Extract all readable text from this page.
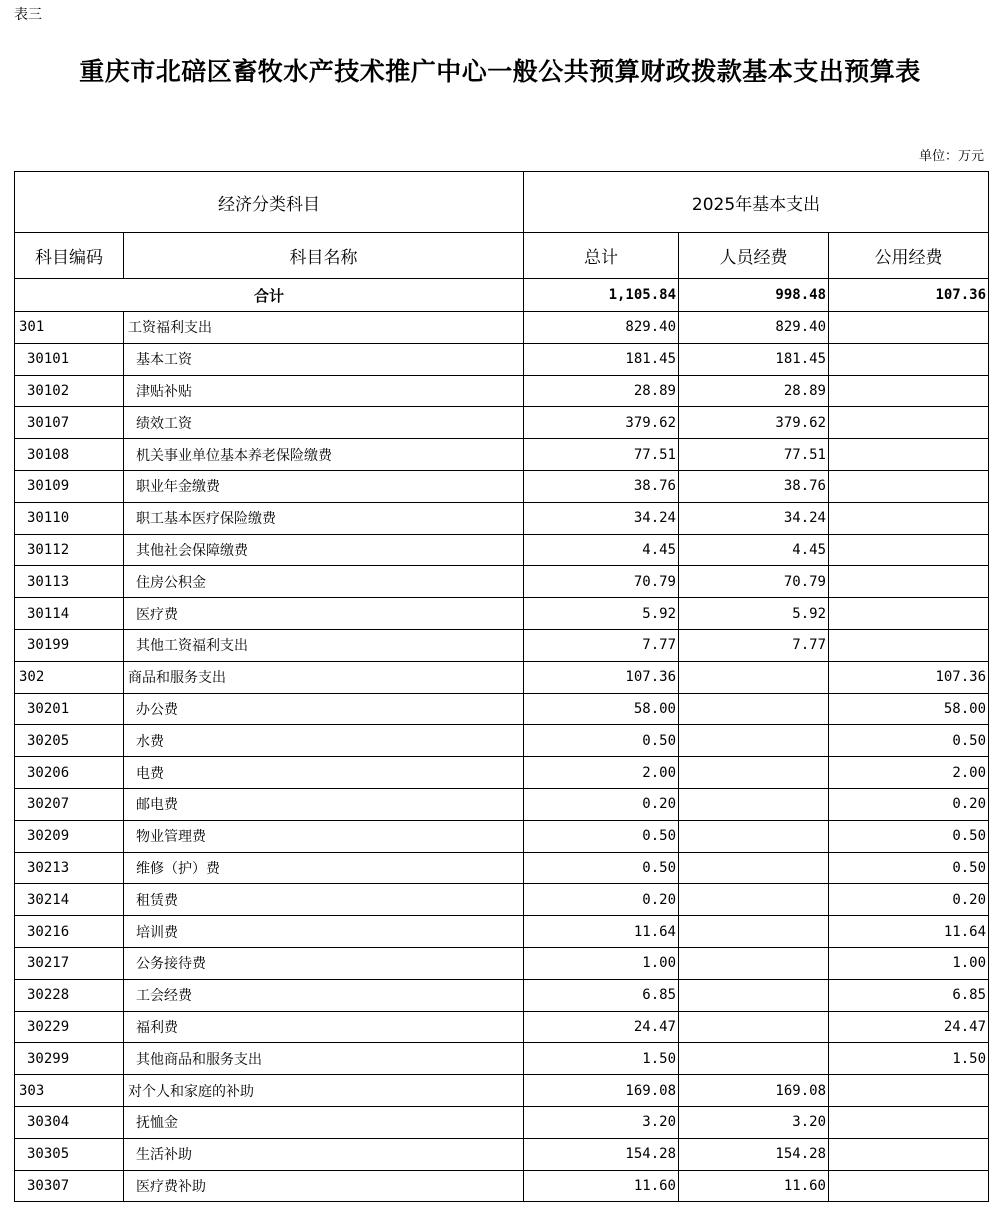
表三
重庆市北碚区畜牧水产技术推广中心一般公共预算财政拨款基本支出预算表
单位：万元
经济分类科目		2025年基本支出		
科目编码	科目名称	总计	人员经费	公用经费
合计		1,105.84	998.48	107.36
301	工资福利支出	829.40	829.40	
30101	基本工资	181.45	181.45	
30102	津贴补贴	28.89	28.89	
30107	绩效工资	379.62	379.62	
30108	机关事业单位基本养老保险缴费	77.51	77.51	
30109	职业年金缴费	38.76	38.76	
30110	职工基本医疗保险缴费	34.24	34.24	
30112	其他社会保障缴费	4.45	4.45	
30113	住房公积金	70.79	70.79	
30114	医疗费	5.92	5.92	
30199	其他工资福利支出	7.77	7.77	
302	商品和服务支出	107.36		107.36
30201	办公费	58.00		58.00
30205	水费	0.50		0.50
30206	电费	2.00		2.00
30207	邮电费	0.20		0.20
30209	物业管理费	0.50		0.50
30213	维修（护）费	0.50		0.50
30214	租赁费	0.20		0.20
30216	培训费	11.64		11.64
30217	公务接待费	1.00		1.00
30228	工会经费	6.85		6.85
30229	福利费	24.47		24.47
30299	其他商品和服务支出	1.50		1.50
303	对个人和家庭的补助	169.08	169.08	
30304	抚恤金	3.20	3.20	
30305	生活补助	154.28	154.28	
30307	医疗费补助	11.60	11.60	
